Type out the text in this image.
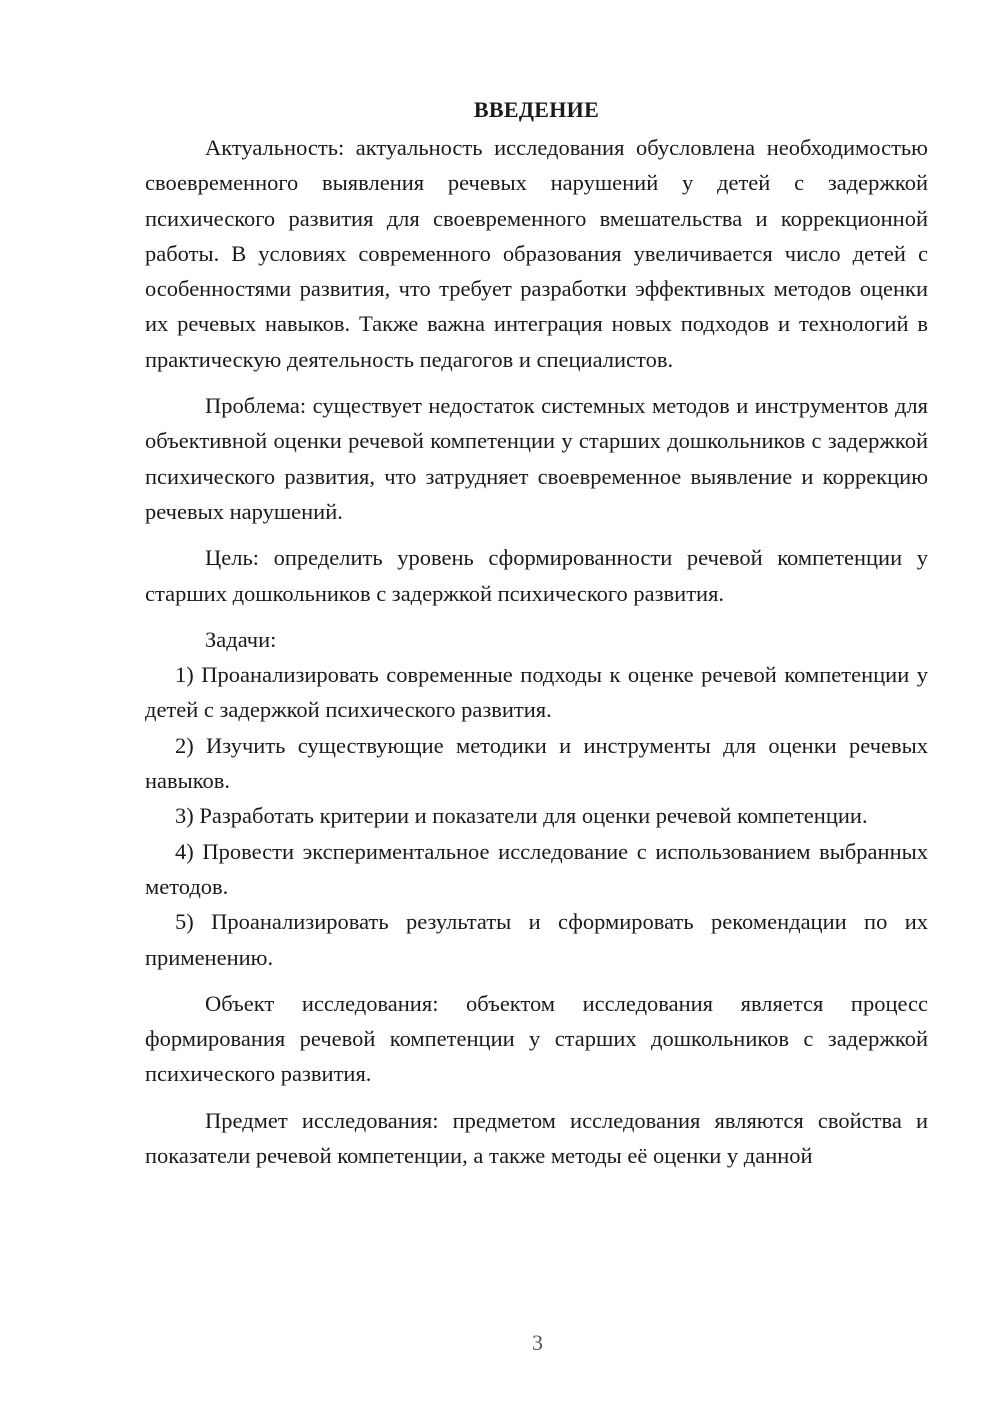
ВВЕДЕНИЕ

Актуальность: актуальность исследования обусловлена необходимостью своевременного выявления речевых нарушений у детей с задержкой психического развития для своевременного вмешательства и коррекционной работы. В условиях современного образования увеличивается число детей с особенностями развития, что требует разработки эффективных методов оценки их речевых навыков. Также важна интеграция новых подходов и технологий в практическую деятельность педагогов и специалистов.

Проблема: существует недостаток системных методов и инструментов для объективной оценки речевой компетенции у старших дошкольников с задержкой психического развития, что затрудняет своевременное выявление и коррекцию речевых нарушений.

Цель: определить уровень сформированности речевой компетенции у старших дошкольников с задержкой психического развития.

Задачи:

1) Проанализировать современные подходы к оценке речевой компетенции у детей с задержкой психического развития.

2) Изучить существующие методики и инструменты для оценки речевых навыков.

3) Разработать критерии и показатели для оценки речевой компетенции.

4) Провести экспериментальное исследование с использованием выбранных методов.

5) Проанализировать результаты и сформировать рекомендации по их применению.

Объект исследования: объектом исследования является процесс формирования речевой компетенции у старших дошкольников с задержкой психического развития.

Предмет исследования: предметом исследования являются свойства и показатели речевой компетенции, а также методы её оценки у данной

3
